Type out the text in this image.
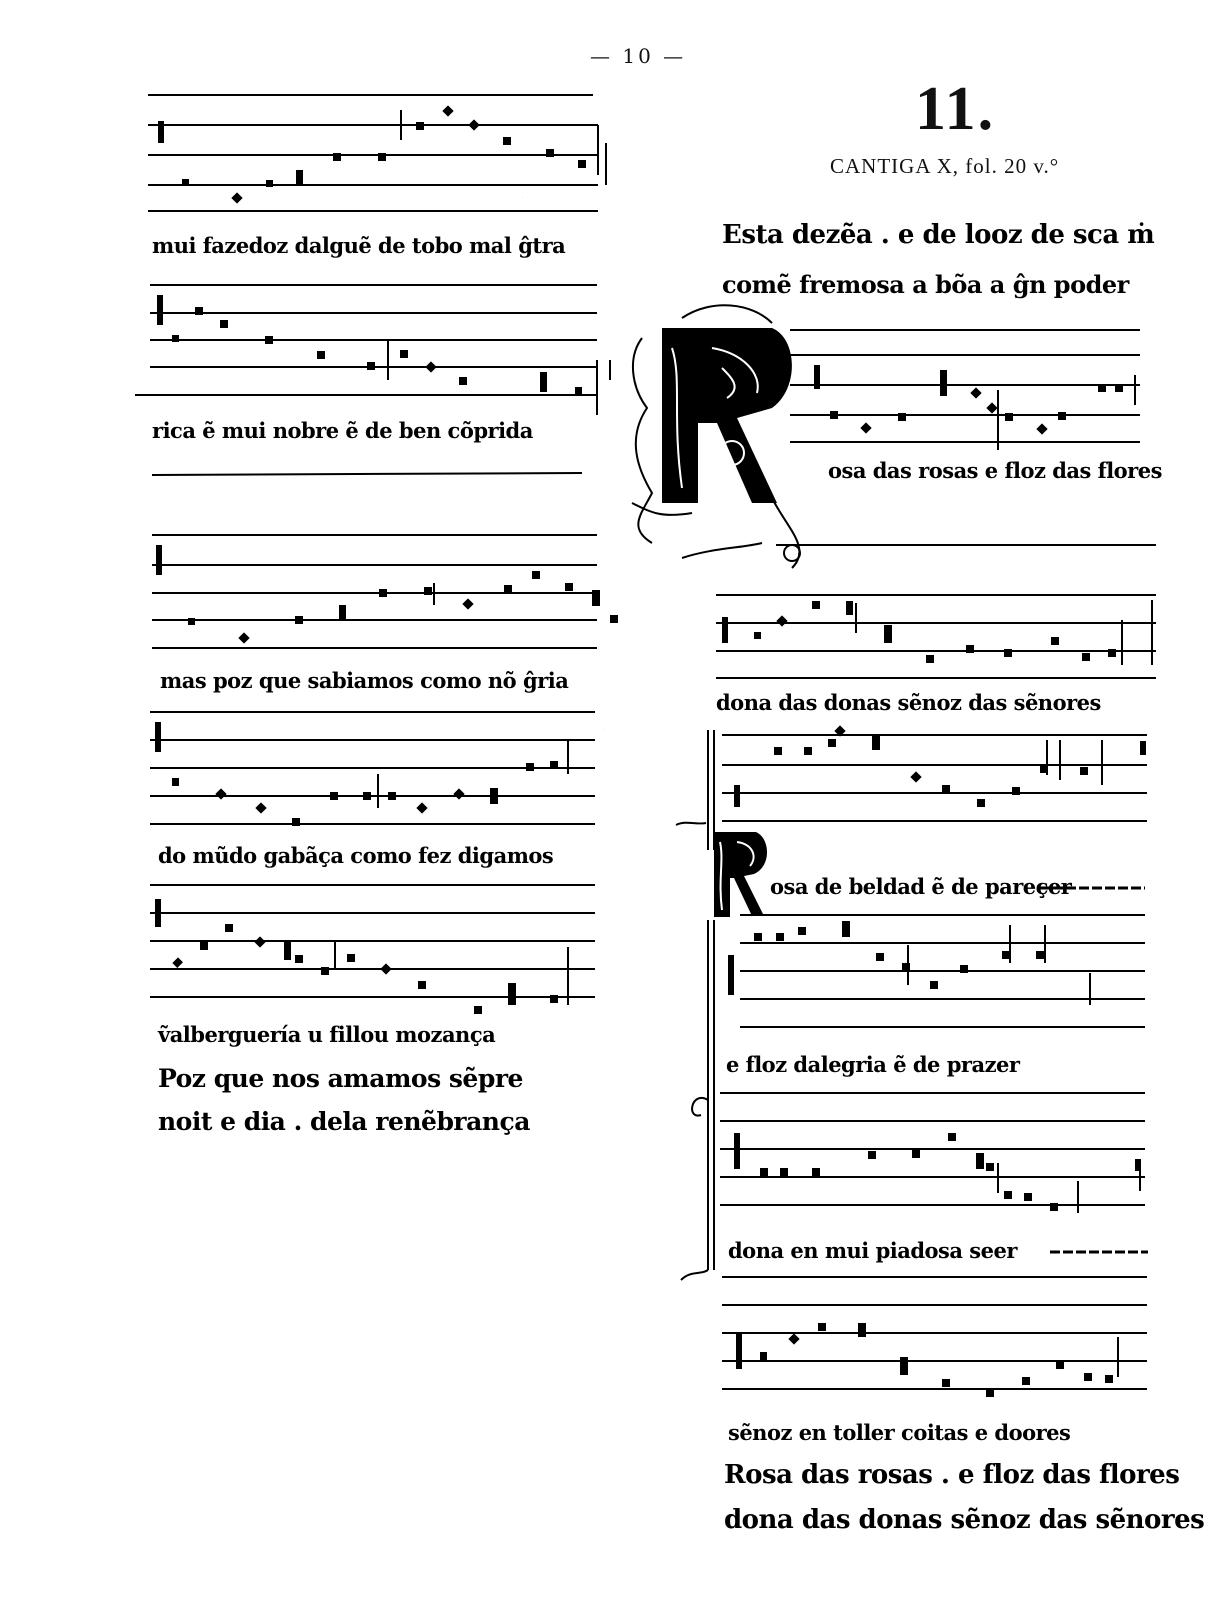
— 10 —
11.
CANTIGA X, fol. 20 v.°
mui fazedoz dalguẽ de tobo mal ĝtra
rica ẽ mui nobre ẽ de ben cõprida
mas poz que sabiamos como nõ ĝria
do mũdo gabãça como fez digamos
ṽalberguería u fillou mozança
Poz que nos amamos sẽpre
noit e dia . dela renẽbrança
Esta dezẽa . e de looz de sca ṁ
comẽ fremosa a bõa a ĝn poder
R
osa das rosas e floz das flores
dona das donas sẽnoz das sẽnores
R
osa de beldad ẽ de pareçer
e floz dalegria ẽ de prazer
dona en mui piadosa seer
sẽnoz en toller coitas e doores
Rosa das rosas . e floz das flores
dona das donas sẽnoz das sẽnores
